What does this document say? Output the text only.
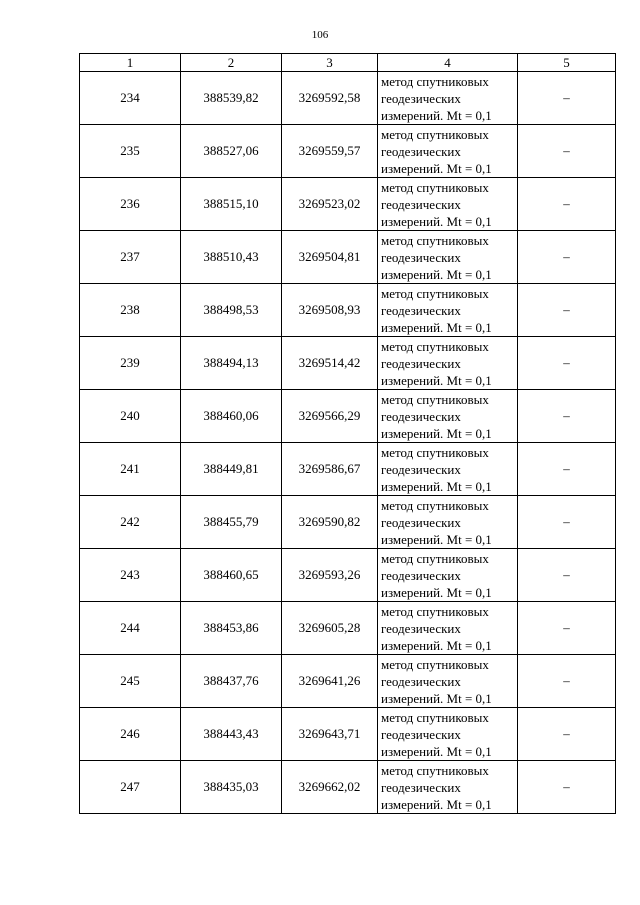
106
1	2	3	4	5
234	388539,82	3269592,58	метод спутниковых
геодезических
измерений. Mt = 0,1	–
235	388527,06	3269559,57	метод спутниковых
геодезических
измерений. Mt = 0,1	–
236	388515,10	3269523,02	метод спутниковых
геодезических
измерений. Mt = 0,1	–
237	388510,43	3269504,81	метод спутниковых
геодезических
измерений. Mt = 0,1	–
238	388498,53	3269508,93	метод спутниковых
геодезических
измерений. Mt = 0,1	–
239	388494,13	3269514,42	метод спутниковых
геодезических
измерений. Mt = 0,1	–
240	388460,06	3269566,29	метод спутниковых
геодезических
измерений. Mt = 0,1	–
241	388449,81	3269586,67	метод спутниковых
геодезических
измерений. Mt = 0,1	–
242	388455,79	3269590,82	метод спутниковых
геодезических
измерений. Mt = 0,1	–
243	388460,65	3269593,26	метод спутниковых
геодезических
измерений. Mt = 0,1	–
244	388453,86	3269605,28	метод спутниковых
геодезических
измерений. Mt = 0,1	–
245	388437,76	3269641,26	метод спутниковых
геодезических
измерений. Mt = 0,1	–
246	388443,43	3269643,71	метод спутниковых
геодезических
измерений. Mt = 0,1	–
247	388435,03	3269662,02	метод спутниковых
геодезических
измерений. Mt = 0,1	–
